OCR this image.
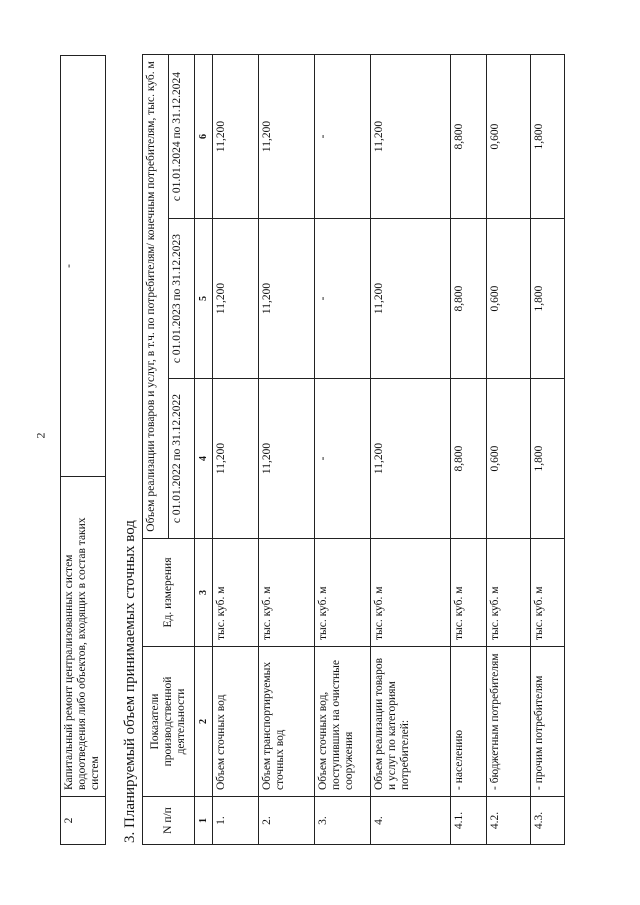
2
2	Капитальный ремонт централизованных систем водоотведения либо объектов, входящих в состав таких систем	-
3. Планируемый объем принимаемых сточных вод N п/п	Показатели производственной деятельности	Ед. измерения	Объем реализации товаров и услуг, в т.ч. по потребителям/ конечным потребителям, тыс. куб. м		
			с 01.01.2022 по 31.12.2022	с 01.01.2023 по 31.12.2023	с 01.01.2024 по 31.12.2024
1	2	3	4	5	6
1.	Объем сточных вод	тыс. куб. м	11,200	11,200	11,200
2.	Объем транспортируемых сточных вод	тыс. куб. м	11,200	11,200	11,200
3.	Объем сточных вод, поступивших на очистные сооружения	тыс. куб. м	-	-	-
4.	Объем реализации товаров и услуг по категориям потребителей:	тыс. куб. м	11,200	11,200	11,200
4.1.	- населению	тыс. куб. м	8,800	8,800	8,800
4.2.	- бюджетным потребителям	тыс. куб. м	0,600	0,600	0,600
4.3.	- прочим потребителям	тыс. куб. м	1,800	1,800	1,800
